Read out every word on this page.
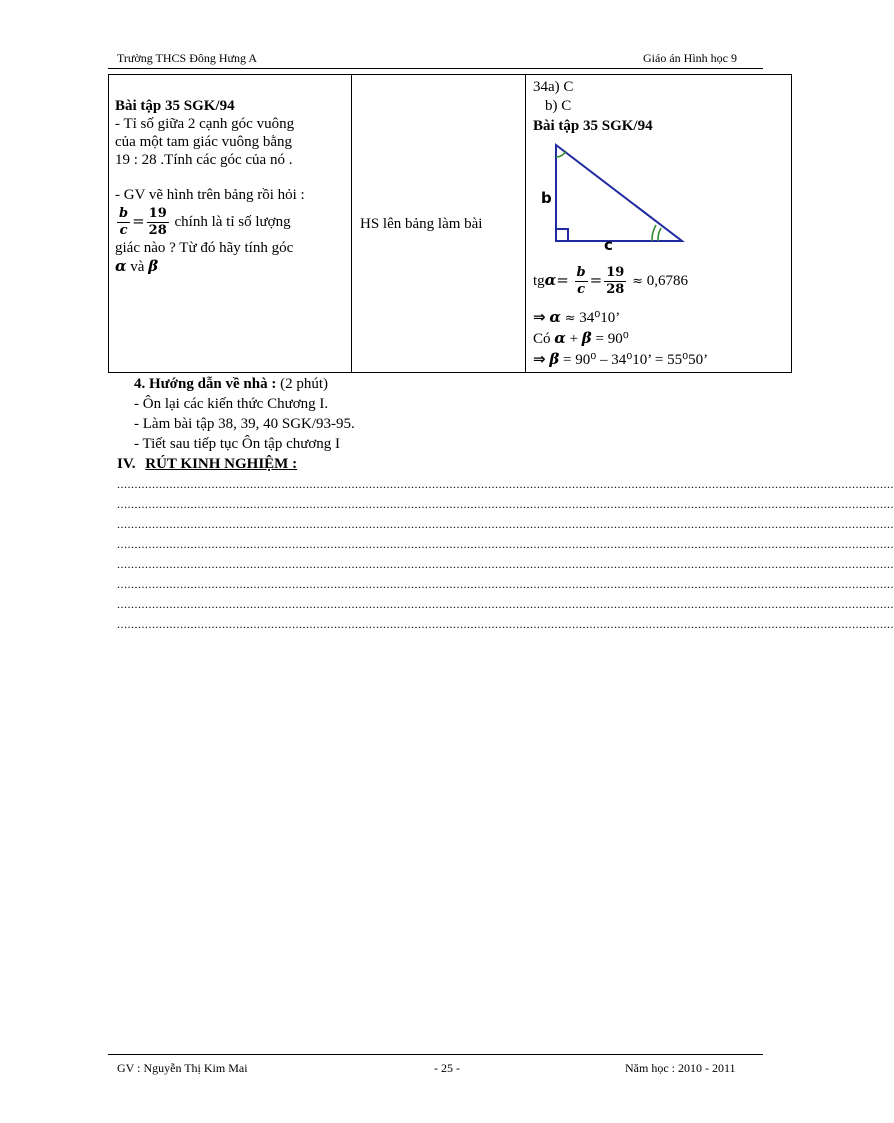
Trường THCS Đông Hưng A	Giáo án Hình học 9
Bài tập 35 SGK/94
- Tỉ số giữa 2 cạnh góc vuông
của một tam giác vuông bằng
19 : 28 .Tính các góc của nó .
- GV vẽ hình trên bảng rồi hỏi :
$\frac{b}{c} = \frac{19}{28}$ chính là tỉ số lượng
giác nào ? Từ đó hãy tính góc
α và β

HS lên bảng làm bài

34a) C
b) C
Bài tập 35 SGK/94
b
c
$tg\alpha= \frac{b}{c} = \frac{19}{28} \approx 0,6786$
⇒ α ≈ 34⁰10’
Có α + β = 90⁰
⇒ β = 90⁰ – 34⁰10’ = 55⁰50’
4. Hướng dẫn về nhà : (2 phút)
- Ôn lại các kiến thức Chương I.
- Làm bài tập 38, 39, 40 SGK/93-95.
- Tiết sau tiếp tục Ôn tập chương I
IV. RÚT KINH NGHIỆM :
..............................................................................................................................................................................................................................
..............................................................................................................................................................................................................................
..............................................................................................................................................................................................................................
..............................................................................................................................................................................................................................
..............................................................................................................................................................................................................................
..............................................................................................................................................................................................................................
..............................................................................................................................................................................................................................
..............................................................................................................................................................................................................................
GV : Nguyễn Thị Kim Mai	- 25 -	Năm học : 2010 - 2011
